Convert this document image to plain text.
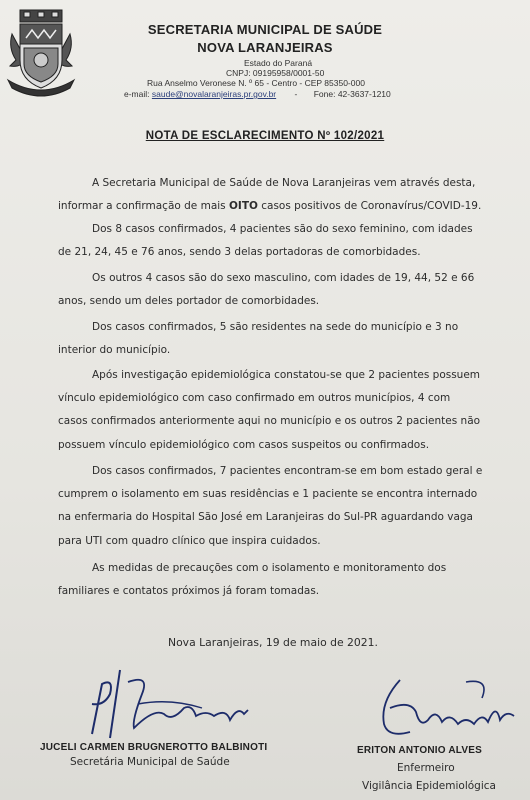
SECRETARIA MUNICIPAL DE SAÚDE
NOVA LARANJEIRAS
Estado do Paraná
CNPJ: 09195958/0001-50
Rua Anselmo Veronese N. º 65 - Centro - CEP 85350-000
e-mail: saude@novalaranjeiras.pr.gov.br - Fone: 42-3637-1210
NOTA DE ESCLARECIMENTO Nº 102/2021
A Secretaria Municipal de Saúde de Nova Laranjeiras vem através desta,
informar a confirmação de mais OITO casos positivos de Coronavírus/COVID-19.
Dos 8 casos confirmados, 4 pacientes são do sexo feminino, com idades
de 21, 24, 45 e 76 anos, sendo 3 delas portadoras de comorbidades.
Os outros 4 casos são do sexo masculino, com idades de 19, 44, 52 e 66
anos, sendo um deles portador de comorbidades.
Dos casos confirmados, 5 são residentes na sede do município e 3 no
interior do município.
Após investigação epidemiológica constatou-se que 2 pacientes possuem
vínculo epidemiológico com caso confirmado em outros municípios, 4 com
casos confirmados anteriormente aqui no município e os outros 2 pacientes não
possuem vínculo epidemiológico com casos suspeitos ou confirmados.
Dos casos confirmados, 7 pacientes encontram-se em bom estado geral e
cumprem o isolamento em suas residências e 1 paciente se encontra internado
na enfermaria do Hospital São José em Laranjeiras do Sul-PR aguardando vaga
para UTI com quadro clínico que inspira cuidados.
As medidas de precauções com o isolamento e monitoramento dos
familiares e contatos próximos já foram tomadas.
Nova Laranjeiras, 19 de maio de 2021.
JUCELI CARMEN BRUGNEROTTO BALBINOTI
Secretária Municipal de Saúde
ERITON ANTONIO ALVES
Enfermeiro
Vigilância Epidemiológica
